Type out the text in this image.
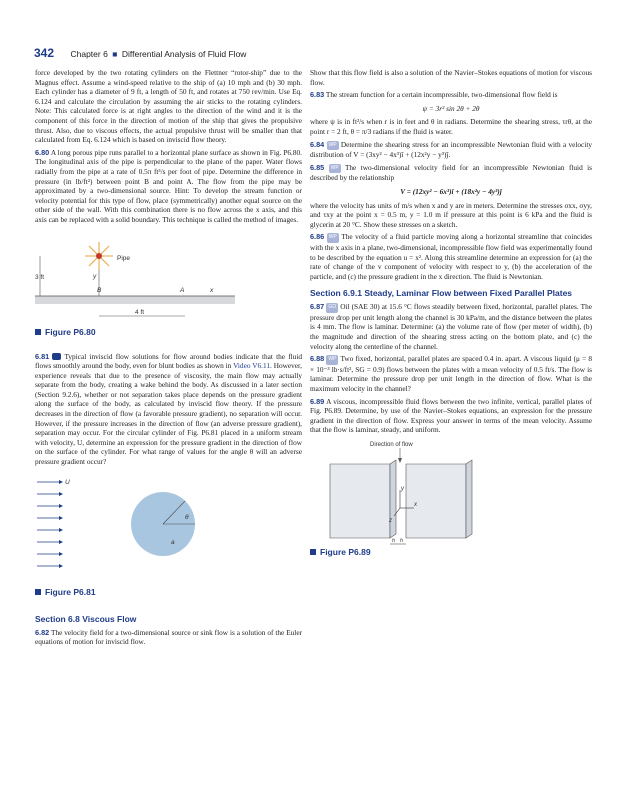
342 Chapter 6 ■ Differential Analysis of Fluid Flow

force developed by the two rotating cylinders on the Flettner “rotor-ship” due to the Magnus effect. Assume a wind-speed relative to the ship of (a) 10 mph and (b) 30 mph. Each cylinder has a diameter of 9 ft, a length of 50 ft, and rotates at 750 rev/min. Use Eq. 6.124 and calculate the circulation by assuming the air sticks to the rotating cylinders. Note: This calculated force is at right angles to the direction of the wind and it is the component of this force in the direction of motion of the ship that gives the propulsive thrust. Also, due to viscous effects, the actual propulsive thrust will be smaller than that calculated from Eq. 6.124 which is based on inviscid flow theory.

6.80 A long porous pipe runs parallel to a horizontal plane surface as shown in Fig. P6.80. The longitudinal axis of the pipe is perpendicular to the plane of the paper. Water flows radially from the pipe at a rate of 0.5π ft³/s per foot of pipe. Determine the difference in pressure (in lb/ft²) between point B and point A. The flow from the pipe may be approximated by a two-dimensional source. Hint: To develop the stream function or velocity potential for this type of flow, place (symmetrically) another equal source on the other side of the wall. With this combination there is no flow across the x axis, and this axis can be replaced with a solid boundary. This technique is called the method of images.

Pipe
3 ft	y
B	A	x
4 ft
Figure P6.80

6.81 Typical inviscid flow solutions for flow around bodies indicate that the fluid flows smoothly around the body, even for blunt bodies as shown in Video V6.11. However, experience reveals that due to the presence of viscosity, the main flow may actually separate from the body, creating a wake behind the body. As discussed in a later section (Section 9.2.6), whether or not separation takes place depends on the pressure gradient along the surface of the body, as calculated by inviscid flow theory. If the pressure decreases in the direction of flow (a favorable pressure gradient), no separation will occur. However, if the pressure increases in the direction of flow (an adverse pressure gradient), separation may occur. For the circular cylinder of Fig. P6.81 placed in a uniform stream with velocity, U, determine an expression for the pressure gradient in the direction of flow on the surface of the cylinder. For what range of values for the angle θ will an adverse pressure gradient occur?

U
θ
a
Figure P6.81
Section 6.8 Viscous Flow

6.82 The velocity field for a two-dimensional source or sink flow is a solution of the Euler equations of motion for inviscid flow.

Show that this flow field is also a solution of the Navier–Stokes equations of motion for viscous flow.

6.83 The stream function for a certain incompressible, two-dimensional flow field is

ψ = 3r² sin 2θ + 2θ

where ψ is in ft²/s when r is in feet and θ in radians. Determine the shearing stress, τrθ, at the point r = 2 ft, θ = π/3 radians if the fluid is water.

6.84 WP Determine the shearing stress for an incompressible Newtonian fluid with a velocity distribution of V = (3xy² − 4x³)î + (12x²y − y³)ĵ.

6.85 WP The two-dimensional velocity field for an incompressible Newtonian fluid is described by the relationship

V = (12xy² − 6x³)î + (18x²y − 4y³)ĵ

where the velocity has units of m/s when x and y are in meters. Determine the stresses σxx, σyy, and τxy at the point x = 0.5 m, y = 1.0 m if pressure at this point is 6 kPa and the fluid is glycerin at 20 °C. Show these stresses on a sketch.

6.86 WP The velocity of a fluid particle moving along a horizontal streamline that coincides with the x axis in a plane, two-dimensional, incompressible flow field was experimentally found to be described by the equation u = x². Along this streamline determine an expression for (a) the rate of change of the v component of velocity with respect to y, (b) the acceleration of the particle, and (c) the pressure gradient in the x direction. The fluid is Newtonian.

Section 6.9.1 Steady, Laminar Flow between Fixed Parallel Plates

6.87 GO Oil (SAE 30) at 15.6 °C flows steadily between fixed, horizontal, parallel plates. The pressure drop per unit length along the channel is 30 kPa/m, and the distance between the plates is 4 mm. The flow is laminar. Determine: (a) the volume rate of flow (per meter of width), (b) the magnitude and direction of the shearing stress acting on the bottom plate, and (c) the velocity along the centerline of the channel.

6.88 WP Two fixed, horizontal, parallel plates are spaced 0.4 in. apart. A viscous liquid (μ = 8 × 10⁻³ lb·s/ft², SG = 0.9) flows between the plates with a mean velocity of 0.5 ft/s. The flow is laminar. Determine the pressure drop per unit length in the direction of flow. What is the maximum velocity in the channel?

6.89 A viscous, incompressible fluid flows between the two infinite, vertical, parallel plates of Fig. P6.89. Determine, by use of the Navier–Stokes equations, an expression for the pressure gradient in the direction of flow. Express your answer in terms of the mean velocity. Assume that the flow is laminar, steady, and uniform.

Direction of flow
y
x
z
h h
Figure P6.89
